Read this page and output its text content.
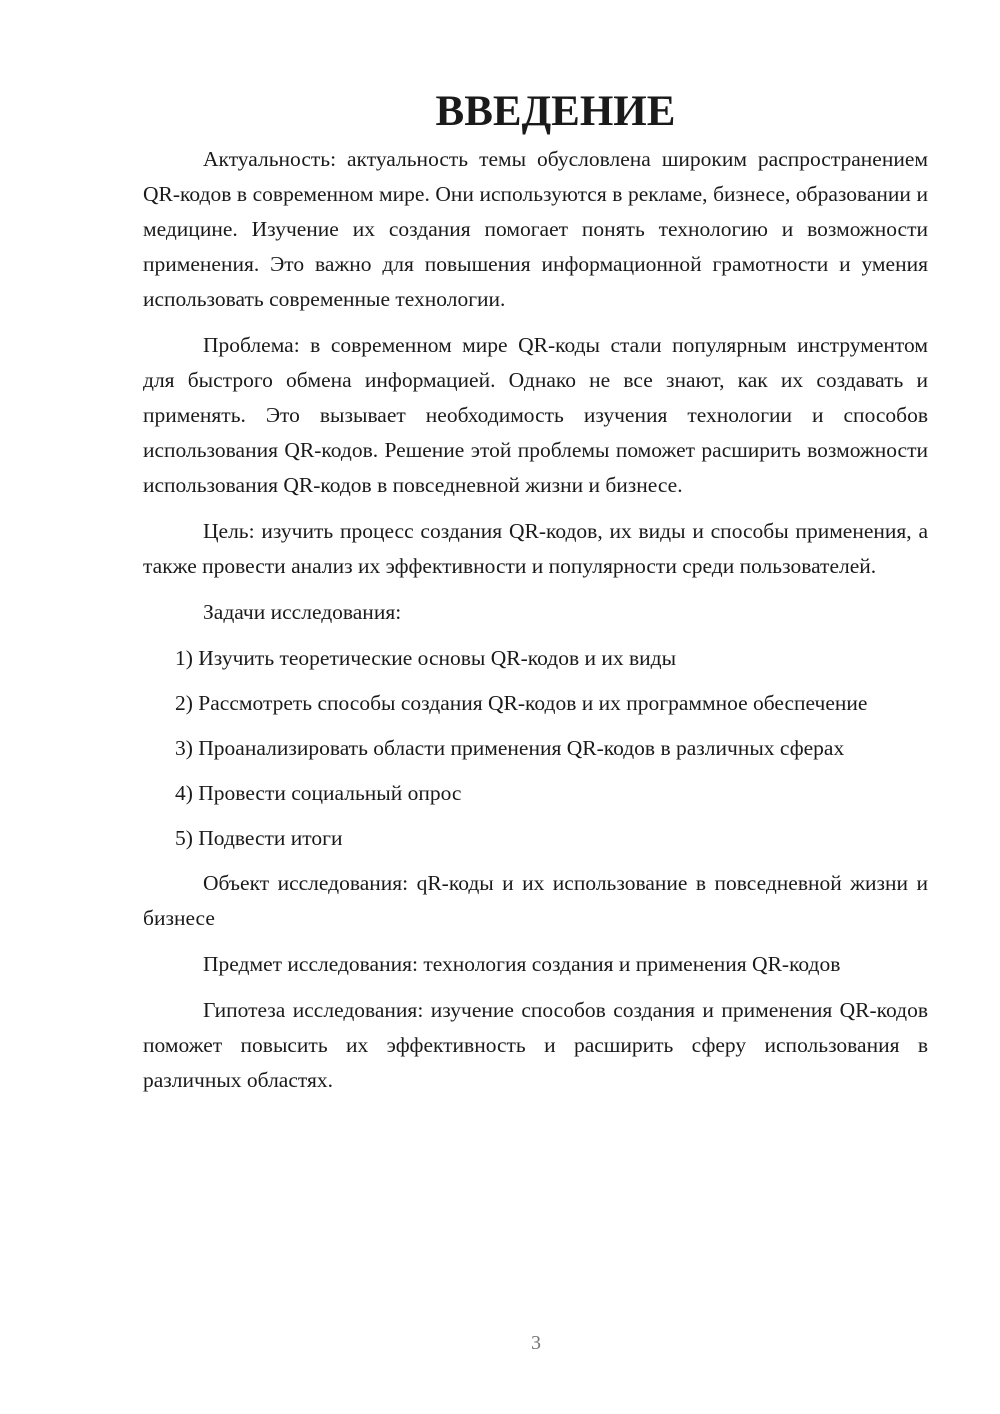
ВВЕДЕНИЕ

Актуальность: актуальность темы обусловлена широким распространением QR-кодов в современном мире. Они используются в рекламе, бизнесе, образовании и медицине. Изучение их создания помогает понять технологию и возможности применения. Это важно для повышения информационной грамотности и умения использовать современные технологии.

Проблема: в современном мире QR-коды стали популярным инструментом для быстрого обмена информацией. Однако не все знают, как их создавать и применять. Это вызывает необходимость изучения технологии и способов использования QR-кодов. Решение этой проблемы поможет расширить возможности использования QR-кодов в повседневной жизни и бизнесе.

Цель: изучить процесс создания QR-кодов, их виды и способы применения, а также провести анализ их эффективности и популярности среди пользователей.

Задачи исследования:

1) Изучить теоретические основы QR-кодов и их виды

2) Рассмотреть способы создания QR-кодов и их программное обеспечение

3) Проанализировать области применения QR-кодов в различных сферах

4) Провести социальный опрос

5) Подвести итоги

Объект исследования: qR-коды и их использование в повседневной жизни и бизнесе

Предмет исследования: технология создания и применения QR-кодов

Гипотеза исследования: изучение способов создания и применения QR-кодов поможет повысить их эффективность и расширить сферу использования в различных областях.

3
